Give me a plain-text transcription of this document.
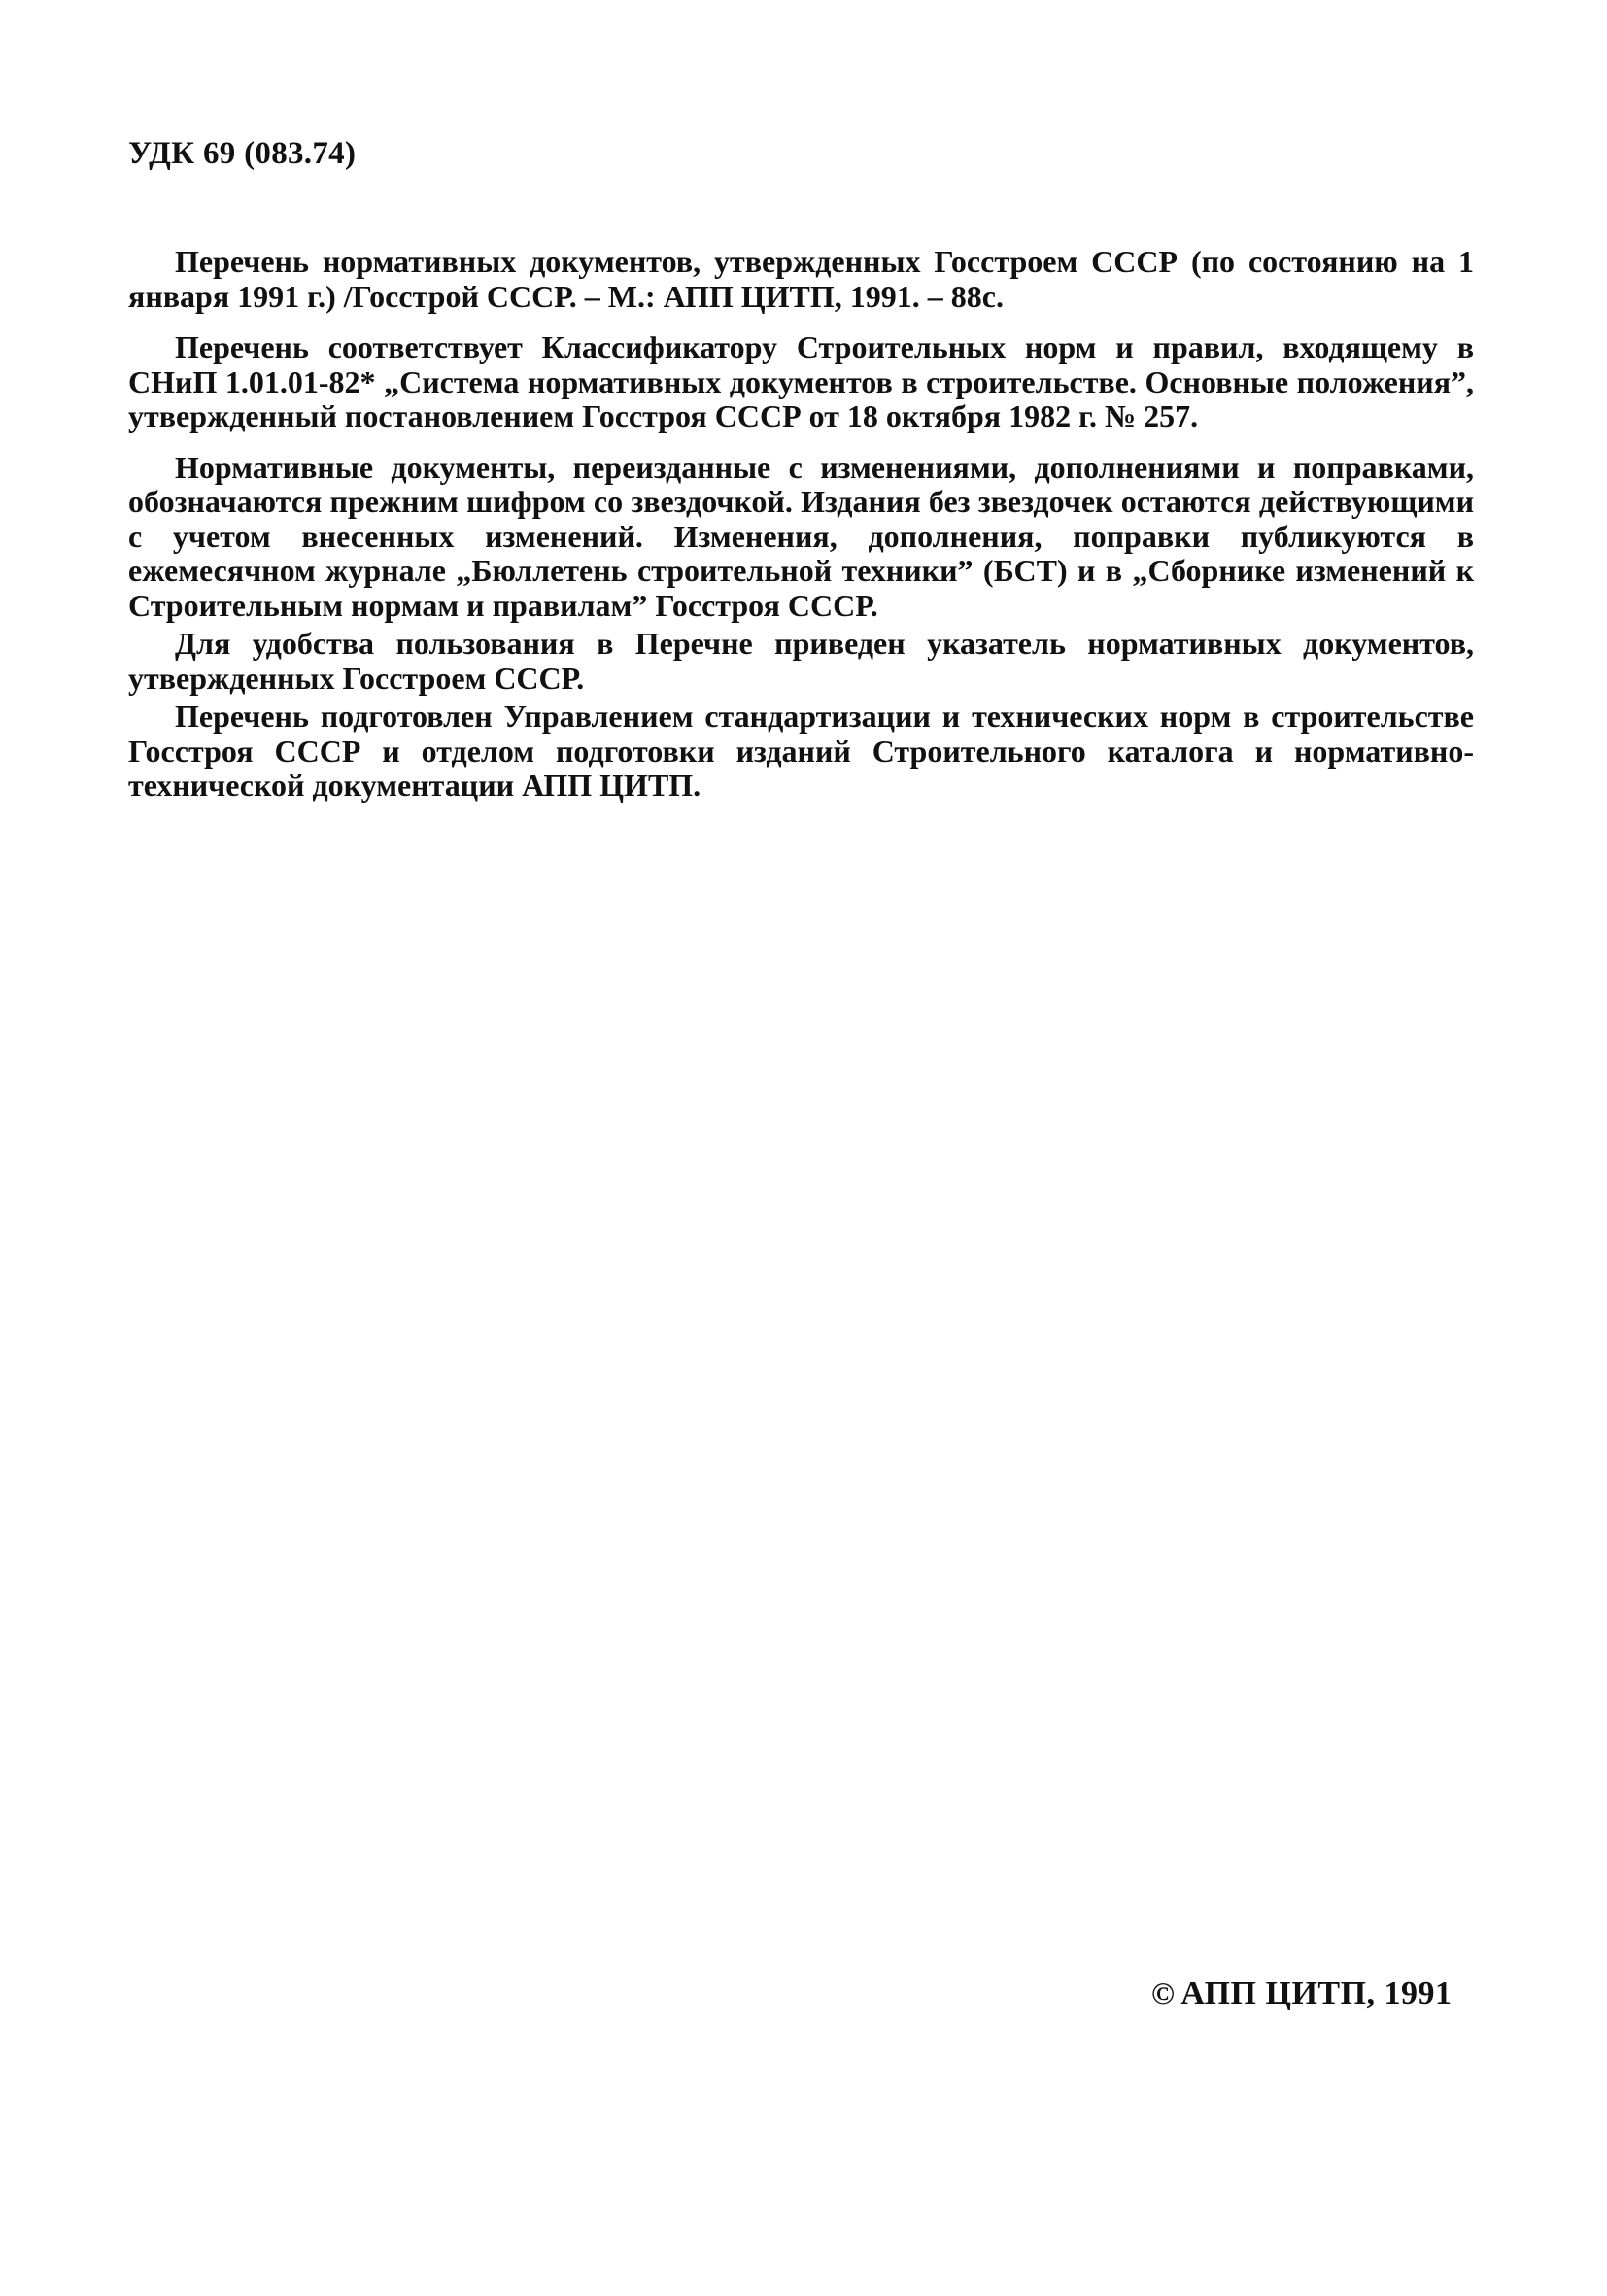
УДК 69 (083.74)

Перечень нормативных документов, утвержденных Госстроем СССР (по состоянию на 1 января 1991 г.) /Госстрой СССР. – М.: АПП ЦИТП, 1991. – 88с.

Перечень соответствует Классификатору Строительных норм и правил, входящему в СНиП 1.01.01-82* „Система нормативных документов в строительстве. Основные положения”, утвержденный постановлением Госстроя СССР от 18 октября 1982 г. № 257.

Нормативные документы, переизданные с изменениями, дополнениями и поправками, обозначаются прежним шифром со звездочкой. Издания без звездочек остаются действующими с учетом внесенных изменений. Изменения, дополнения, поправки публикуются в ежемесячном журнале „Бюллетень строительной техники” (БСТ) и в „Сборнике изменений к Строительным нормам и правилам” Госстроя СССР.

Для удобства пользования в Перечне приведен указатель нормативных документов, утвержденных Госстроем СССР.

Перечень подготовлен Управлением стандартизации и технических норм в строительстве Госстроя СССР и отделом подготовки изданий Строительного каталога и нормативно-технической документации АПП ЦИТП.

© АПП ЦИТП, 1991
